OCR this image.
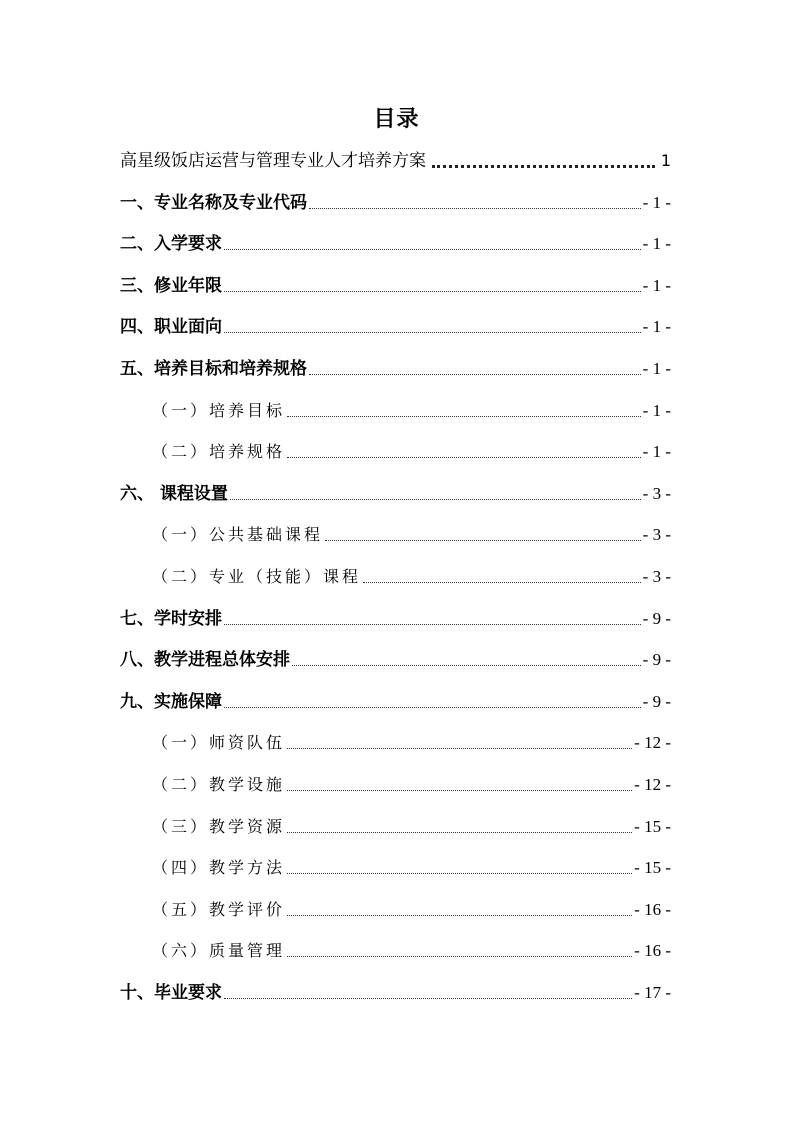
目录
高星级饭店运营与管理专业人才培养方案	1
一、专业名称及专业代码	- 1 -
二、入学要求	- 1 -
三、修业年限	- 1 -
四、职业面向	- 1 -
五、培养目标和培养规格	- 1 -
（一）培养目标	- 1 -
（二）培养规格	- 1 -
六、 课程设置	- 3 -
（一）公共基础课程	- 3 -
（二）专业（技能）课程	- 3 -
七、学时安排	- 9 -
八、教学进程总体安排	- 9 -
九、实施保障	- 9 -
（一）师资队伍	- 12 -
（二）教学设施	- 12 -
（三）教学资源	- 15 -
（四）教学方法	- 15 -
（五）教学评价	- 16 -
（六）质量管理	- 16 -
十、毕业要求	- 17 -
